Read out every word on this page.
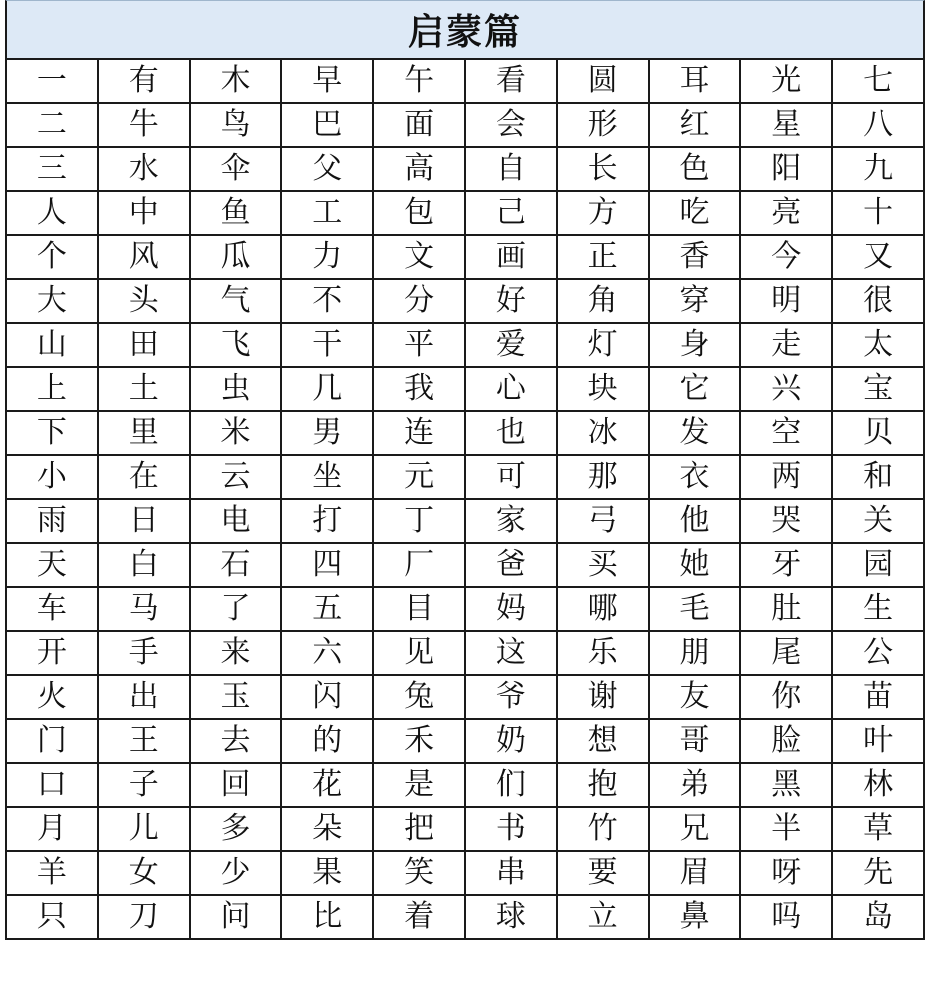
启蒙篇
一	有	木	早	午	看	圆	耳	光	七
二	牛	鸟	巴	面	会	形	红	星	八
三	水	伞	父	高	自	长	色	阳	九
人	中	鱼	工	包	己	方	吃	亮	十
个	风	瓜	力	文	画	正	香	今	又
大	头	气	不	分	好	角	穿	明	很
山	田	飞	干	平	爱	灯	身	走	太
上	土	虫	几	我	心	块	它	兴	宝
下	里	米	男	连	也	冰	发	空	贝
小	在	云	坐	元	可	那	衣	两	和
雨	日	电	打	丁	家	弓	他	哭	关
天	白	石	四	厂	爸	买	她	牙	园
车	马	了	五	目	妈	哪	毛	肚	生
开	手	来	六	见	这	乐	朋	尾	公
火	出	玉	闪	兔	爷	谢	友	你	苗
门	王	去	的	禾	奶	想	哥	脸	叶
口	子	回	花	是	们	抱	弟	黑	林
月	儿	多	朵	把	书	竹	兄	半	草
羊	女	少	果	笑	串	要	眉	呀	先
只	刀	问	比	着	球	立	鼻	吗	岛
